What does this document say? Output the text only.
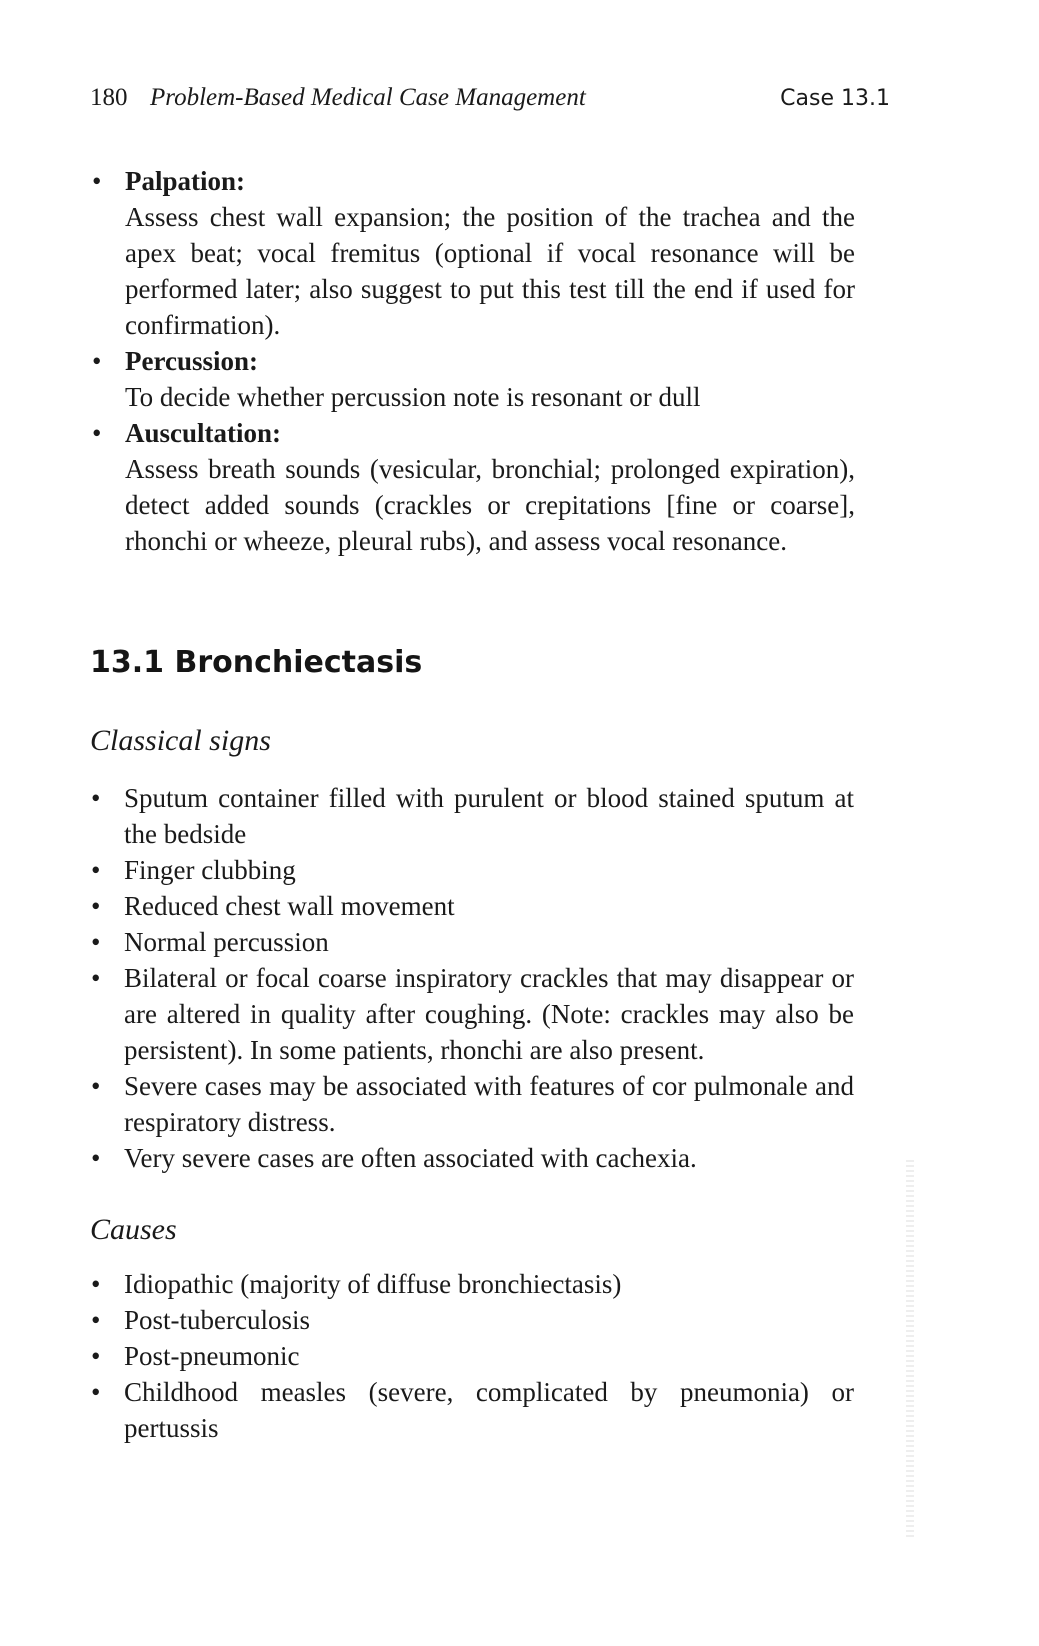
180 Problem-Based Medical Case Management	Case 13.1
• Palpation:
Assess chest wall expansion; the position of the trachea and the apex beat; vocal fremitus (optional if vocal resonance will be performed later; also suggest to put this test till the end if used for confirmation).
• Percussion:
To decide whether percussion note is resonant or dull
• Auscultation:
Assess breath sounds (vesicular, bronchial; prolonged expiration), detect added sounds (crackles or crepitations [fine or coarse], rhonchi or wheeze, pleural rubs), and assess vocal resonance.
13.1 Bronchiectasis
Classical signs
• Sputum container filled with purulent or blood stained sputum at the bedside
• Finger clubbing
• Reduced chest wall movement
• Normal percussion
• Bilateral or focal coarse inspiratory crackles that may disappear or are altered in quality after coughing. (Note: crackles may also be persistent). In some patients, rhonchi are also present.
• Severe cases may be associated with features of cor pulmonale and respiratory distress.
• Very severe cases are often associated with cachexia.
Causes
• Idiopathic (majority of diffuse bronchiectasis)
• Post-tuberculosis
• Post-pneumonic
• Childhood measles (severe, complicated by pneumonia) or pertussis
